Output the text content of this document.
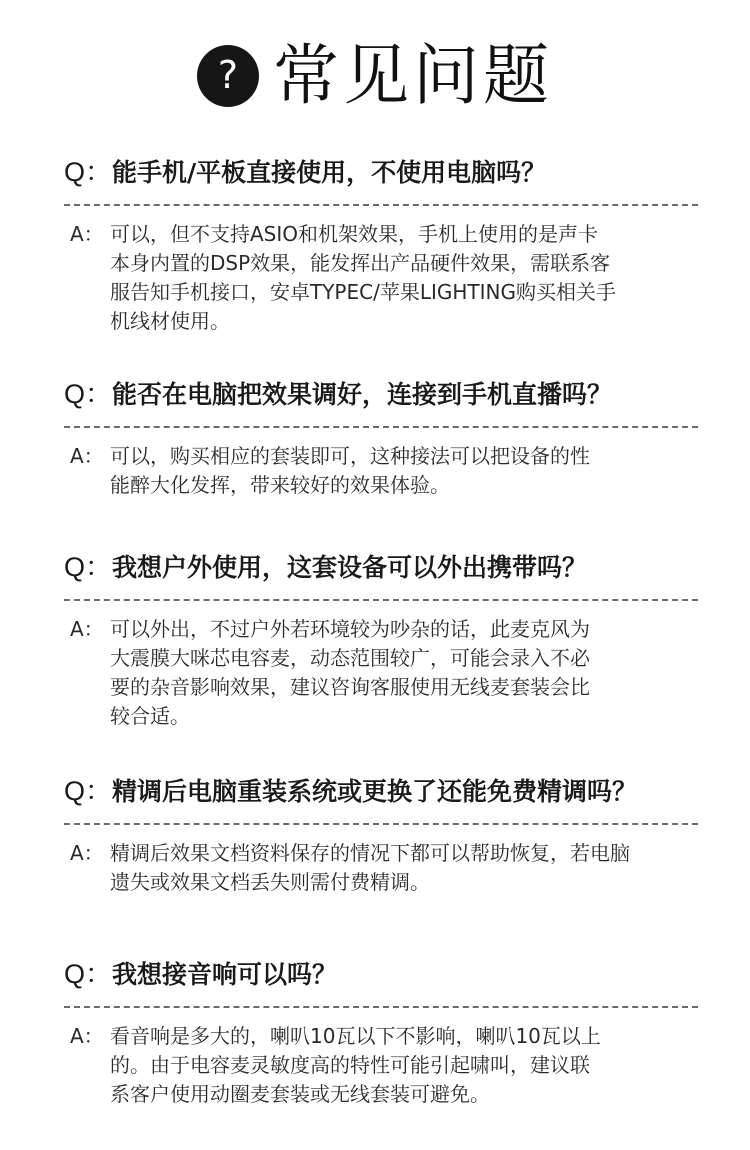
? 常见问题
Q：能手机/平板直接使用，不使用电脑吗？
A： 可以，但不支持ASIO和机架效果，手机上使用的是声卡
本身内置的DSP效果，能发挥出产品硬件效果，需联系客
服告知手机接口，安卓TYPEC/苹果LIGHTING购买相关手
机线材使用。
Q：能否在电脑把效果调好，连接到手机直播吗？
A： 可以，购买相应的套装即可，这种接法可以把设备的性
能醉大化发挥，带来较好的效果体验。
Q：我想户外使用，这套设备可以外出携带吗？
A： 可以外出，不过户外若环境较为吵杂的话，此麦克风为
大震膜大咪芯电容麦，动态范围较广，可能会录入不必
要的杂音影响效果，建议咨询客服使用无线麦套装会比
较合适。
Q：精调后电脑重装系统或更换了还能免费精调吗？
A： 精调后效果文档资料保存的情况下都可以帮助恢复，若电脑
遗失或效果文档丢失则需付费精调。
Q：我想接音响可以吗？
A： 看音响是多大的，喇叭10瓦以下不影响，喇叭10瓦以上
的。由于电容麦灵敏度高的特性可能引起啸叫，建议联
系客户使用动圈麦套装或无线套装可避免。
